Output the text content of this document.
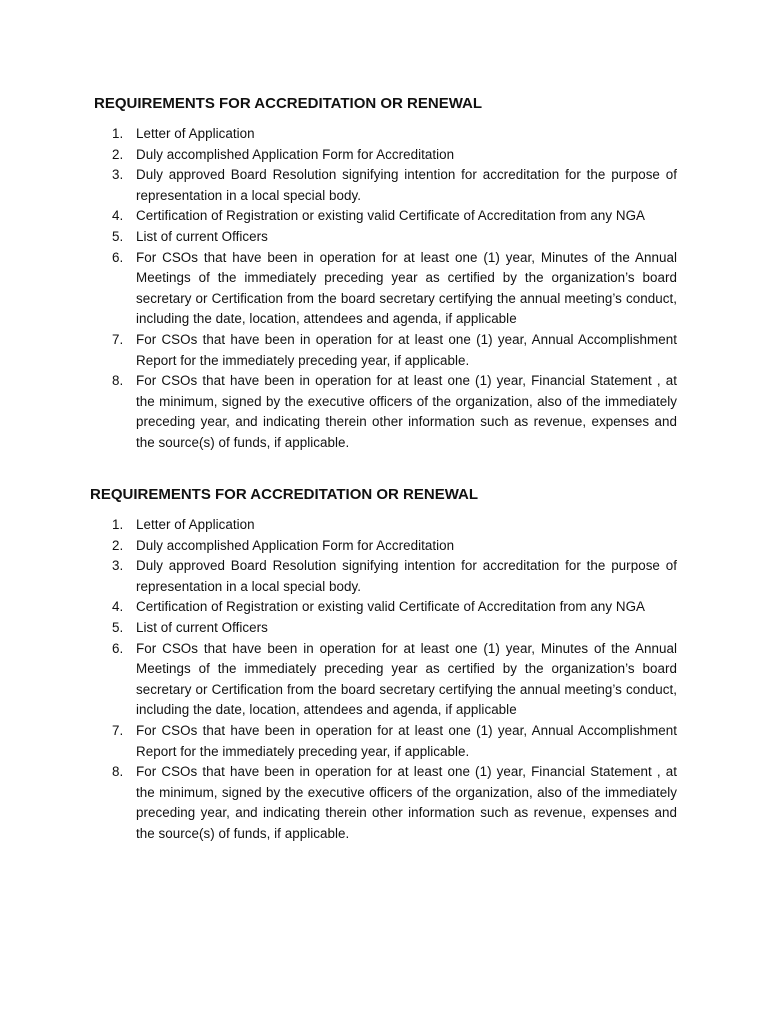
REQUIREMENTS FOR ACCREDITATION OR RENEWAL
1. Letter of Application
2. Duly accomplished Application Form for Accreditation
3. Duly approved Board Resolution signifying intention for accreditation for the purpose of representation in a local special body.
4. Certification of Registration or existing valid Certificate of Accreditation from any NGA
5. List of current Officers
6. For CSOs that have been in operation for at least one (1) year, Minutes of the Annual Meetings of the immediately preceding year as certified by the organization’s board secretary or Certification from the board secretary certifying the annual meeting’s conduct, including the date, location, attendees and agenda, if applicable
7. For CSOs that have been in operation for at least one (1) year, Annual Accomplishment Report for the immediately preceding year, if applicable.
8. For CSOs that have been in operation for at least one (1) year, Financial Statement , at the minimum, signed by the executive officers of the organization, also of the immediately preceding year, and indicating therein other information such as revenue, expenses and the source(s) of funds, if applicable.
REQUIREMENTS FOR ACCREDITATION OR RENEWAL
1. Letter of Application
2. Duly accomplished Application Form for Accreditation
3. Duly approved Board Resolution signifying intention for accreditation for the purpose of representation in a local special body.
4. Certification of Registration or existing valid Certificate of Accreditation from any NGA
5. List of current Officers
6. For CSOs that have been in operation for at least one (1) year, Minutes of the Annual Meetings of the immediately preceding year as certified by the organization’s board secretary or Certification from the board secretary certifying the annual meeting’s conduct, including the date, location, attendees and agenda, if applicable
7. For CSOs that have been in operation for at least one (1) year, Annual Accomplishment Report for the immediately preceding year, if applicable.
8. For CSOs that have been in operation for at least one (1) year, Financial Statement , at the minimum, signed by the executive officers of the organization, also of the immediately preceding year, and indicating therein other information such as revenue, expenses and the source(s) of funds, if applicable.
